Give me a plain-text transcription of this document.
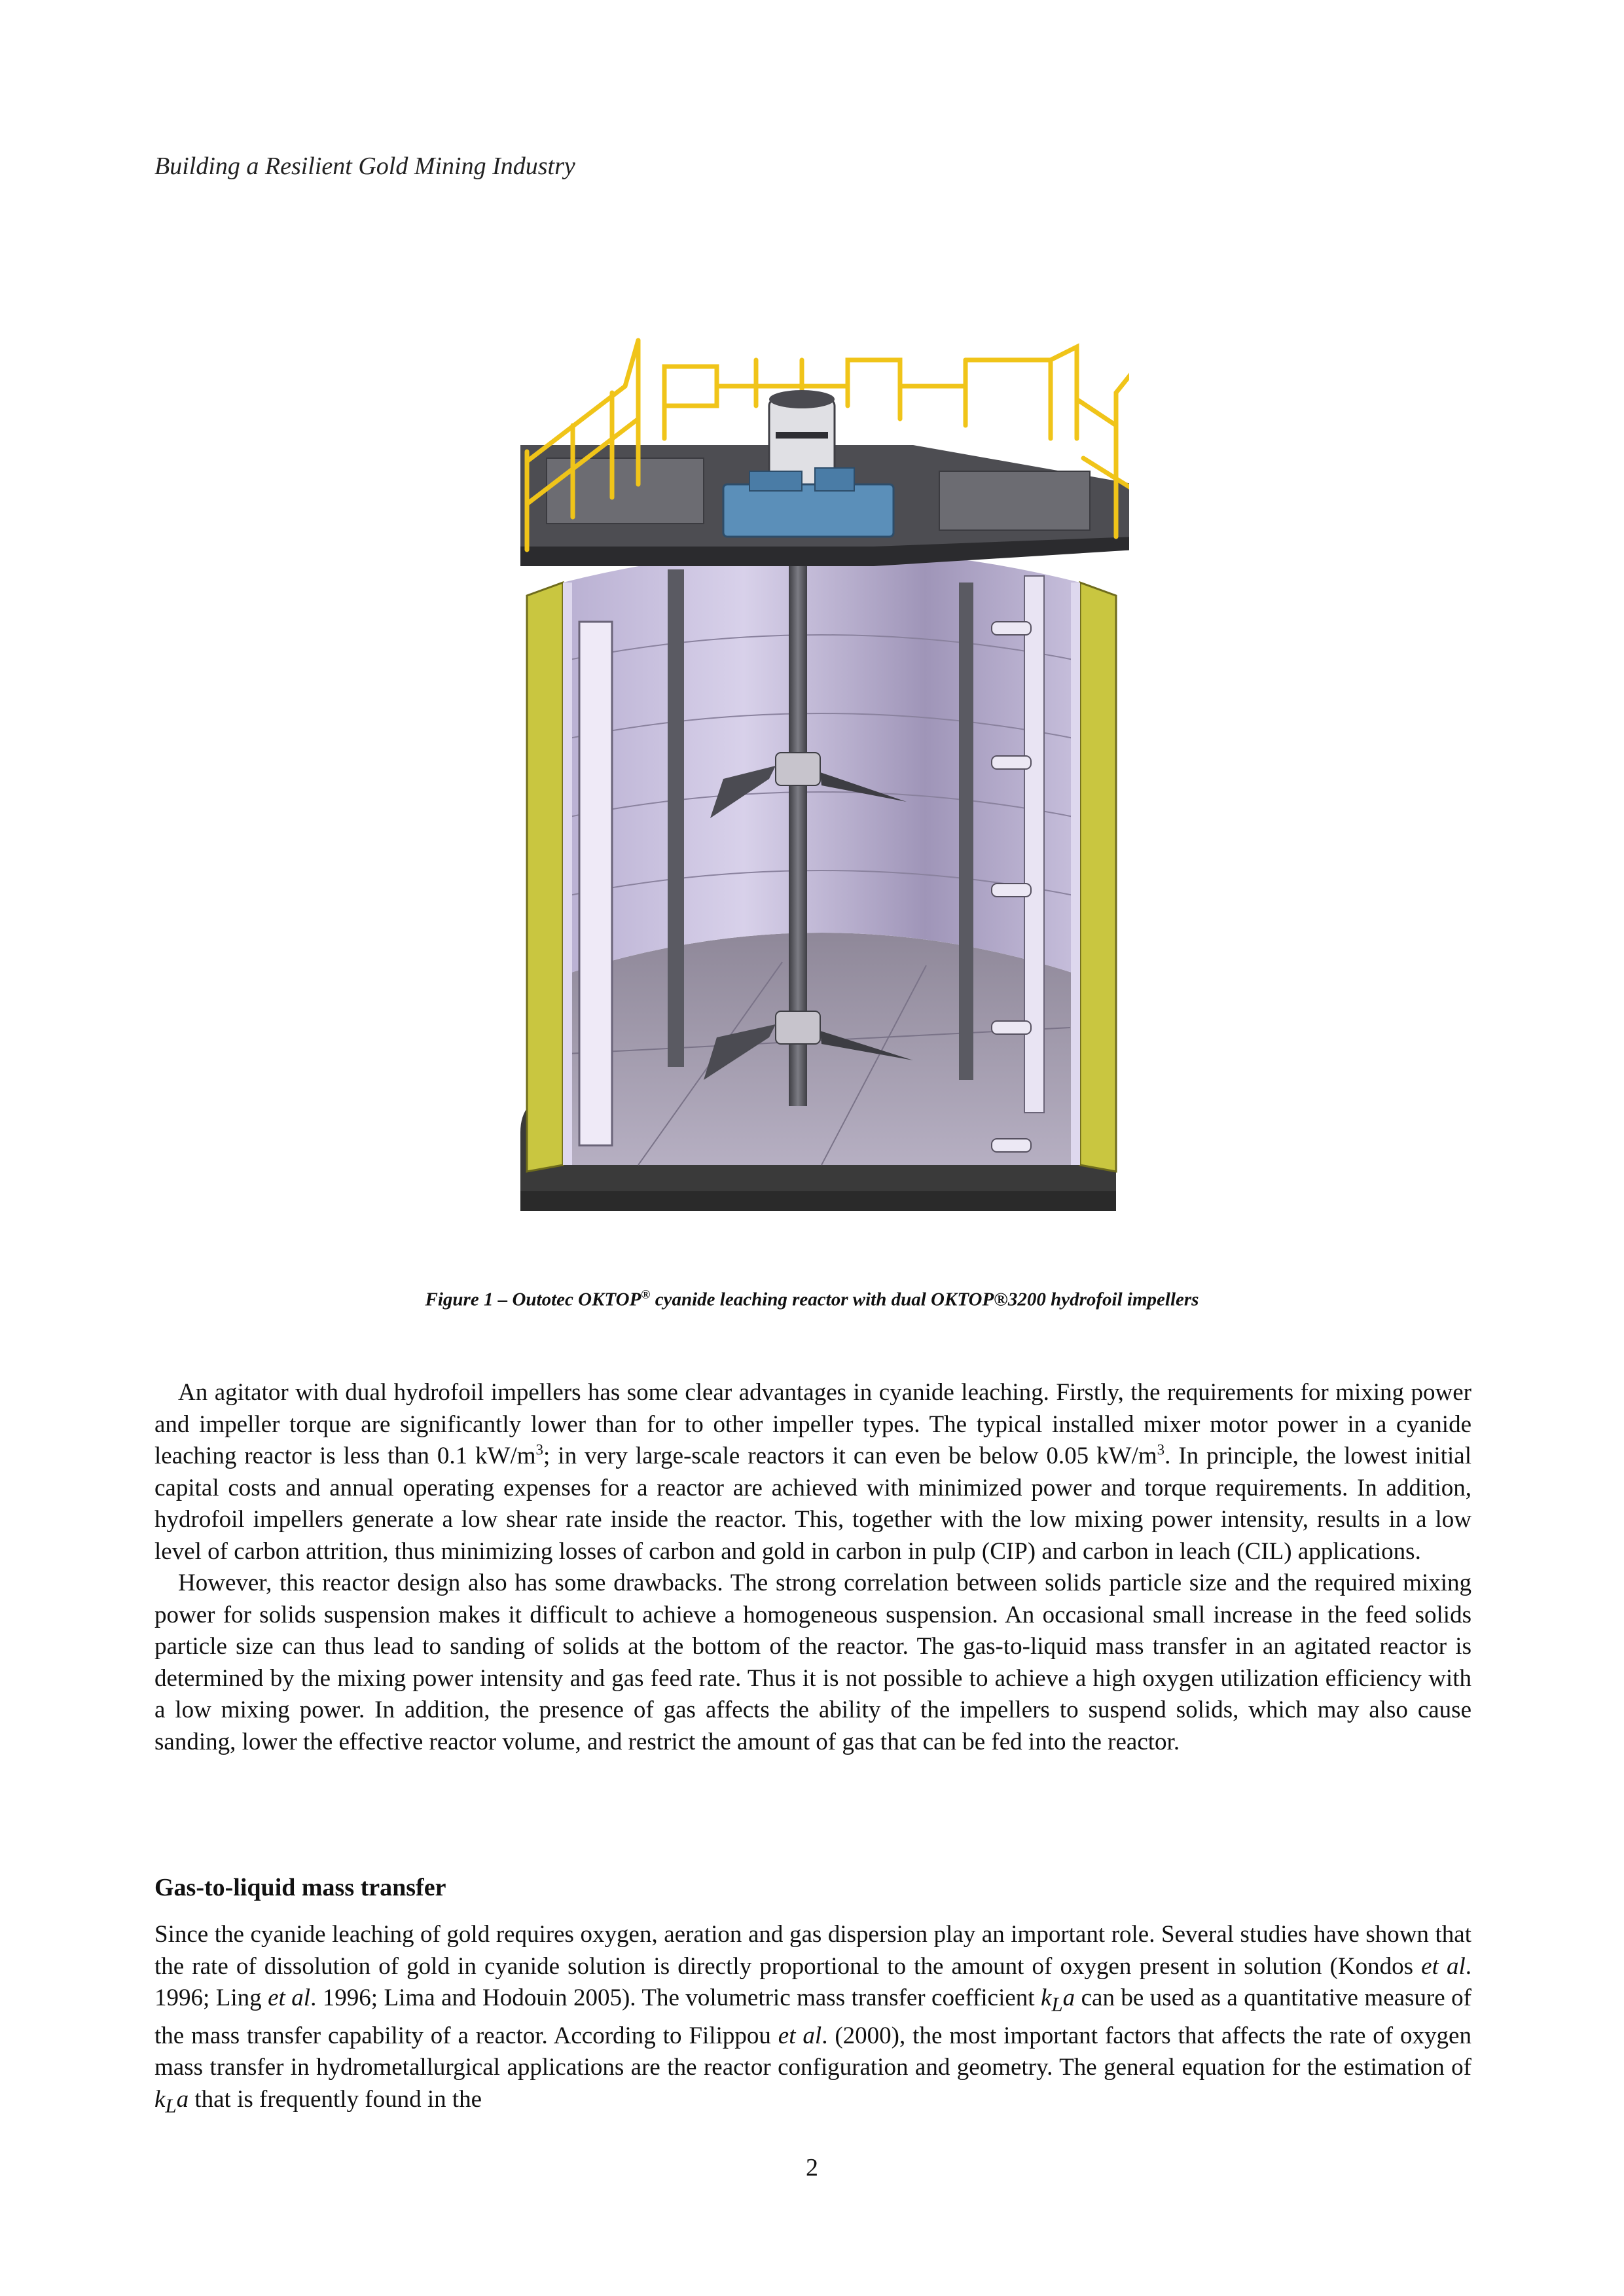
Building a Resilient Gold Mining Industry
Figure 1 – Outotec OKTOP® cyanide leaching reactor with dual OKTOP®3200 hydrofoil impellers

An agitator with dual hydrofoil impellers has some clear advantages in cyanide leaching. Firstly, the requirements for mixing power and impeller torque are significantly lower than for to other impeller types. The typical installed mixer motor power in a cyanide leaching reactor is less than 0.1 $kW/m^3$; in very large-scale reactors it can even be below 0.05 $kW/m^3$. In principle, the lowest initial capital costs and annual operating expenses for a reactor are achieved with minimized power and torque requirements. In addition, hydrofoil impellers generate a low shear rate inside the reactor. This, together with the low mixing power intensity, results in a low level of carbon attrition, thus minimizing losses of carbon and gold in carbon in pulp (CIP) and carbon in leach (CIL) applications.

However, this reactor design also has some drawbacks. The strong correlation between solids particle size and the required mixing power for solids suspension makes it difficult to achieve a homogeneous suspension. An occasional small increase in the feed solids particle size can thus lead to sanding of solids at the bottom of the reactor. The gas-to-liquid mass transfer in an agitated reactor is determined by the mixing power intensity and gas feed rate. Thus it is not possible to achieve a high oxygen utilization efficiency with a low mixing power. In addition, the presence of gas affects the ability of the impellers to suspend solids, which may also cause sanding, lower the effective reactor volume, and restrict the amount of gas that can be fed into the reactor.

Gas-to-liquid mass transfer

Since the cyanide leaching of gold requires oxygen, aeration and gas dispersion play an important role. Several studies have shown that the rate of dissolution of gold in cyanide solution is directly proportional to the amount of oxygen present in solution (Kondos et al. 1996; Ling et al. 1996; Lima and Hodouin 2005). The volumetric mass transfer coefficient $k_La$ can be used as a quantitative measure of the mass transfer capability of a reactor. According to Filippou et al. (2000), the most important factors that affects the rate of oxygen mass transfer in hydrometallurgical applications are the reactor configuration and geometry. The general equation for the estimation of $k_La$ that is frequently found in the

2
